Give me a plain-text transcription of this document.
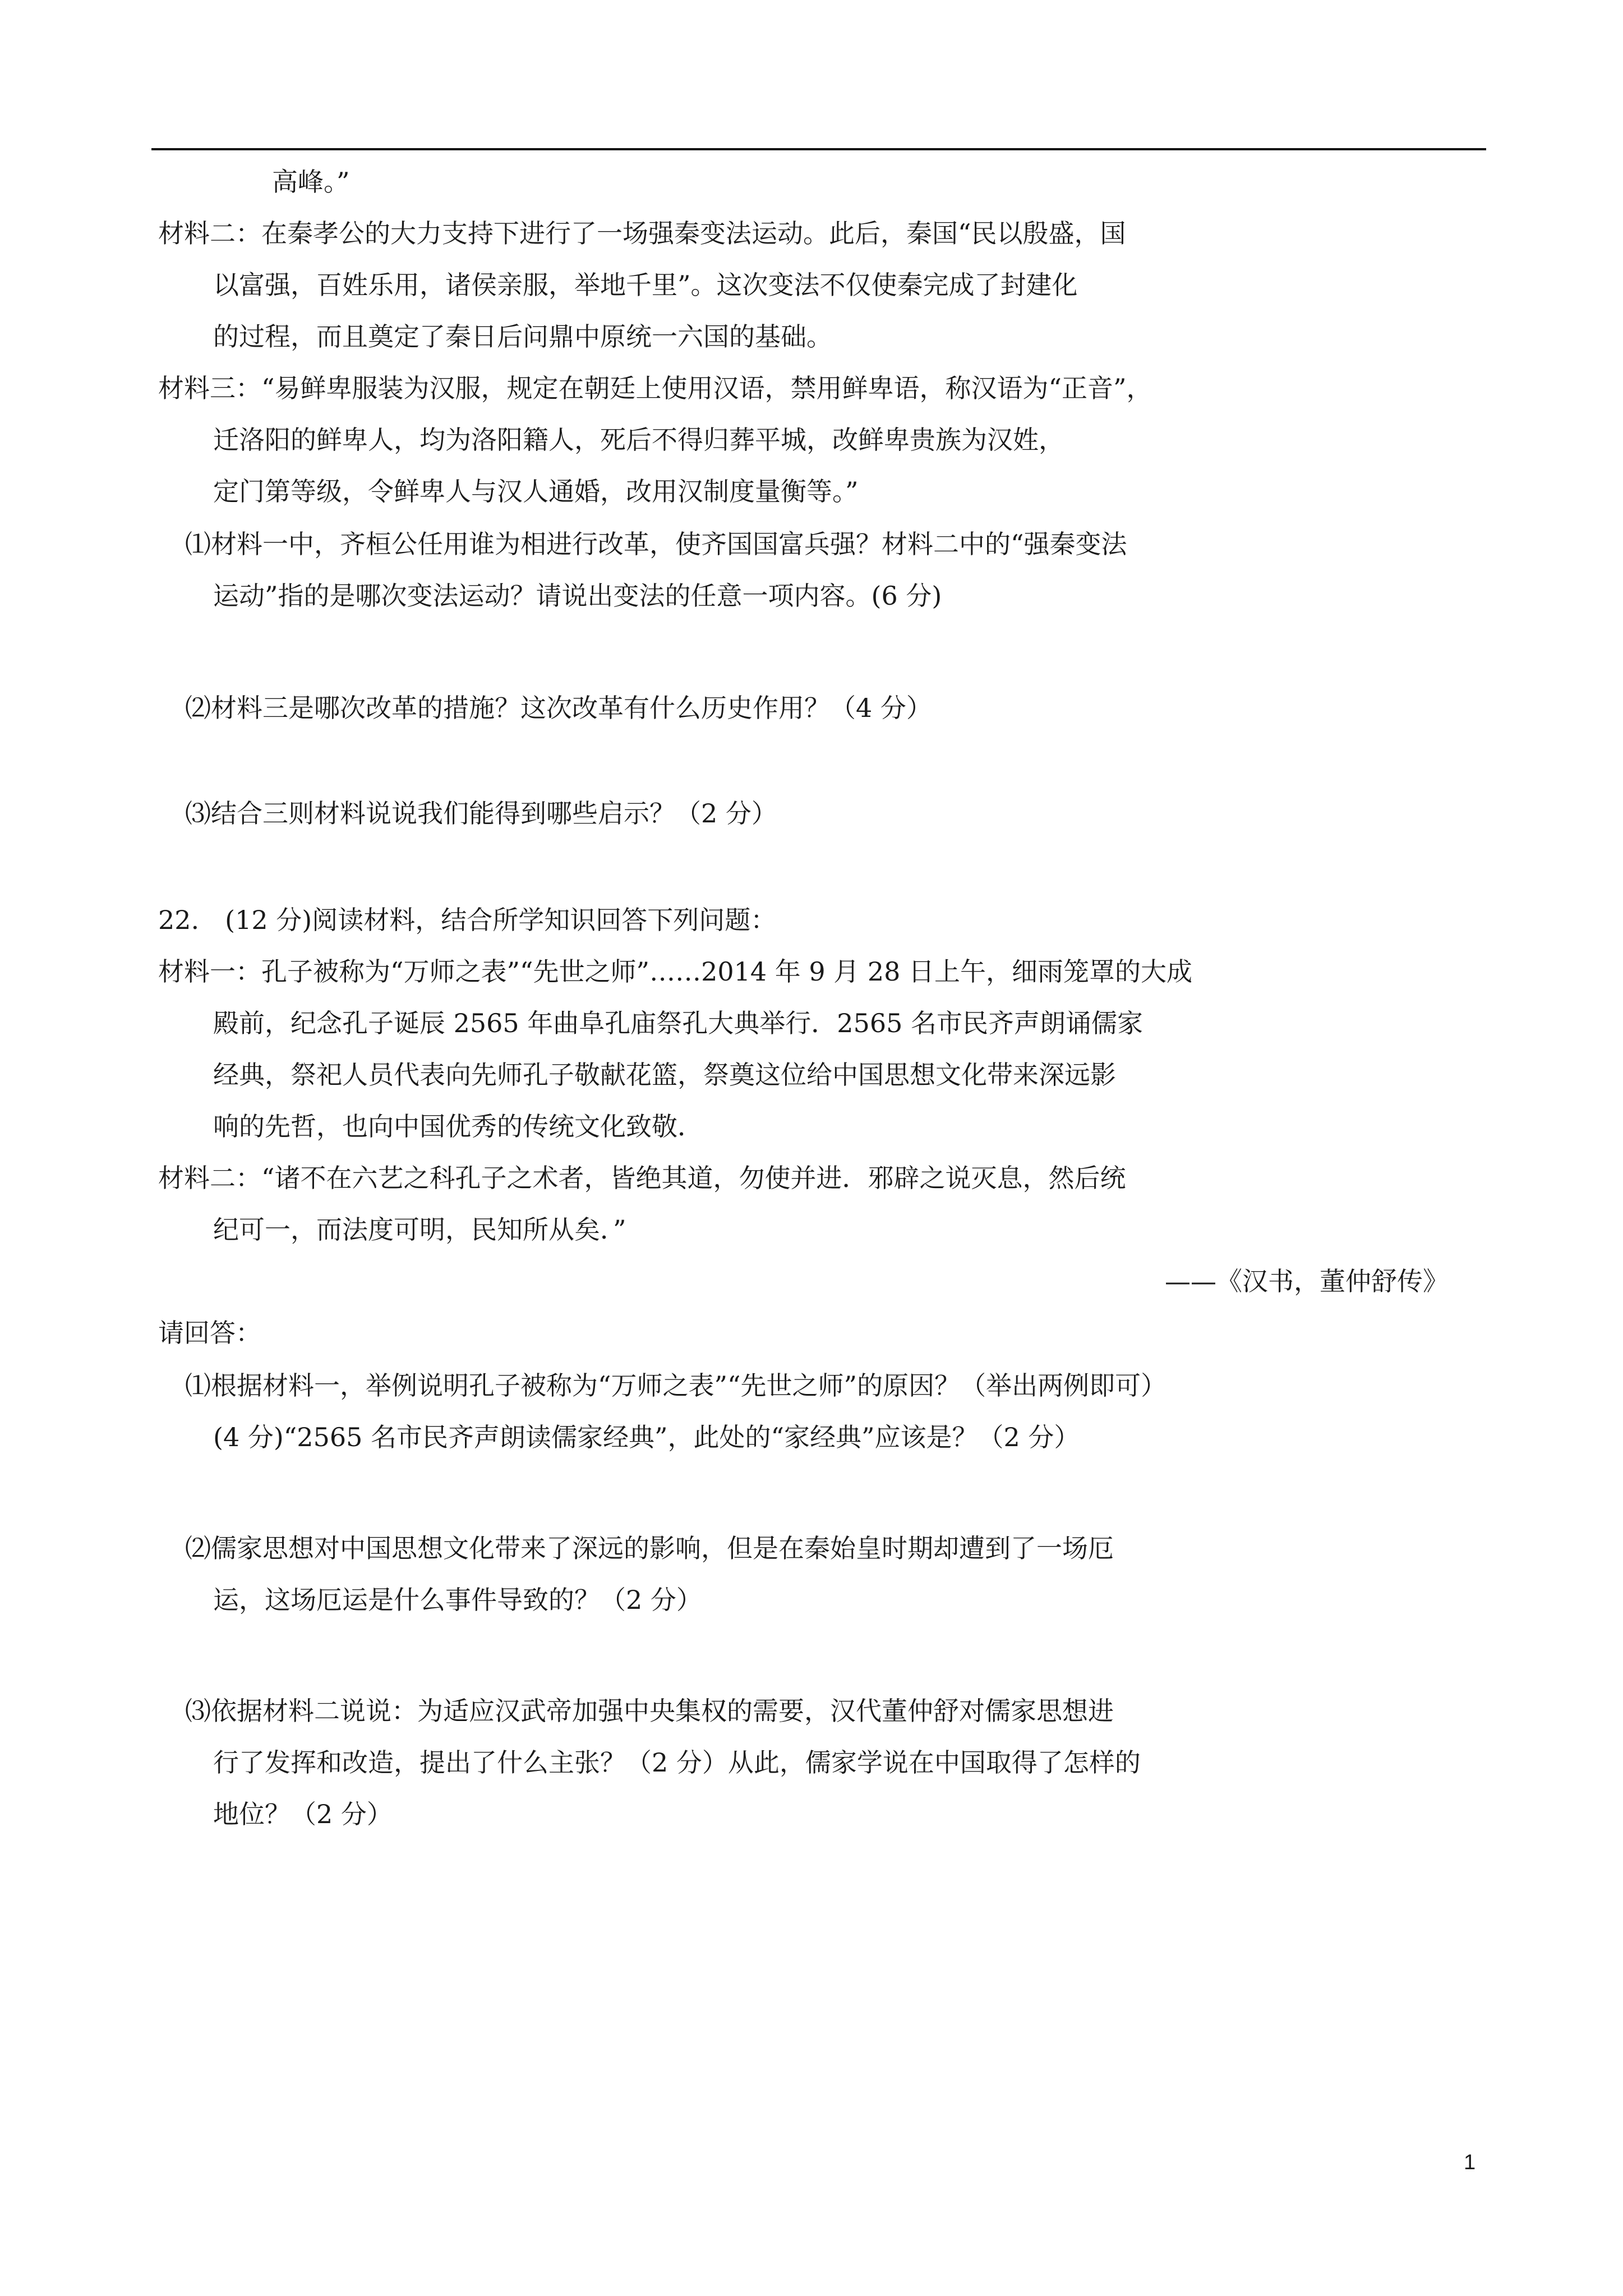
高峰。”
材料二：在秦孝公的大力支持下进行了一场强秦变法运动。此后，秦国“民以殷盛，国
以富强，百姓乐用，诸侯亲服，举地千里”。这次变法不仅使秦完成了封建化
的过程，而且奠定了秦日后问鼎中原统一六国的基础。
材料三：“易鲜卑服装为汉服，规定在朝廷上使用汉语，禁用鲜卑语，称汉语为“正音”，
迁洛阳的鲜卑人，均为洛阳籍人，死后不得归葬平城，改鲜卑贵族为汉姓，
定门第等级，令鲜卑人与汉人通婚，改用汉制度量衡等。”
⑴材料一中，齐桓公任用谁为相进行改革，使齐国国富兵强？材料二中的“强秦变法
运动”指的是哪次变法运动？请说出变法的任意一项内容。(6 分)
⑵材料三是哪次改革的措施？这次改革有什么历史作用？（4 分）
⑶结合三则材料说说我们能得到哪些启示？（2 分）
22.　(12 分)阅读材料，结合所学知识回答下列问题：
材料一：孔子被称为“万师之表”“先世之师”……2014 年 9 月 28 日上午，细雨笼罩的大成
殿前，纪念孔子诞辰 2565 年曲阜孔庙祭孔大典举行．2565 名市民齐声朗诵儒家
经典，祭祀人员代表向先师孔子敬献花篮，祭奠这位给中国思想文化带来深远影
响的先哲，也向中国优秀的传统文化致敬．
材料二：“诸不在六艺之科孔子之术者，皆绝其道，勿使并进．邪辟之说灭息，然后统
纪可一，而法度可明，民知所从矣．”
——《汉书，董仲舒传》
请回答：
⑴根据材料一，举例说明孔子被称为“万师之表”“先世之师”的原因？（举出两例即可）
(4 分)“2565 名市民齐声朗读儒家经典”，此处的“家经典”应该是？（2 分）
⑵儒家思想对中国思想文化带来了深远的影响，但是在秦始皇时期却遭到了一场厄
运，这场厄运是什么事件导致的？（2 分）
⑶依据材料二说说：为适应汉武帝加强中央集权的需要，汉代董仲舒对儒家思想进
行了发挥和改造，提出了什么主张？（2 分）从此，儒家学说在中国取得了怎样的
地位？（2 分）
1
